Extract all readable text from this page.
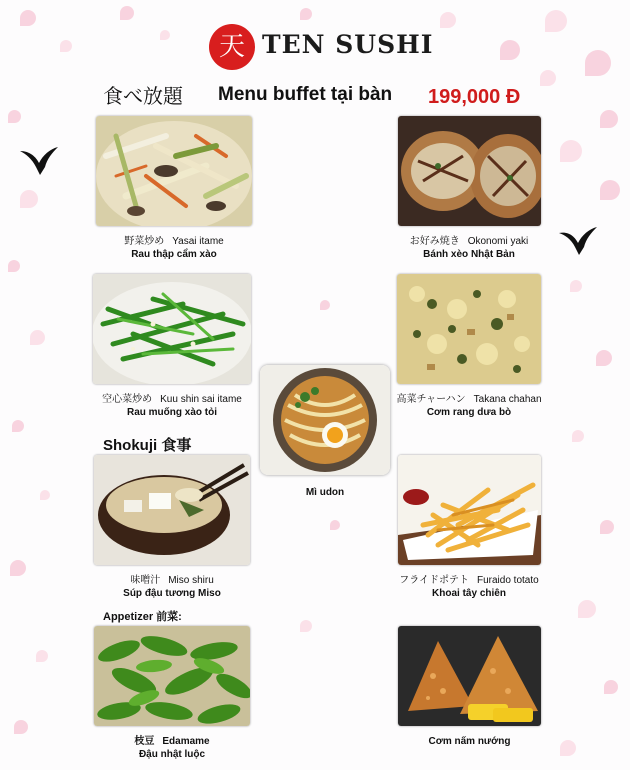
天 TEN SUSHI
食べ放題 Menu buffet tại bàn 199,000 Đ
野菜炒め Yasai itame
Rau thập cẩm xào
お好み焼き Okonomi yaki
Bánh xèo Nhật Bản
空心菜炒め Kuu shin sai itame
Rau muống xào tỏi
高菜チャーハン Takana chahan
Cơm rang dưa bò
Mì udon
Shokuji 食事
味噌汁 Miso shiru
Súp đậu tương Miso
フライドポテト Furaido totato
Khoai tây chiên
Appetizer 前菜:
枝豆 Edamame
Đậu nhật luộc
Cơm nấm nướng
